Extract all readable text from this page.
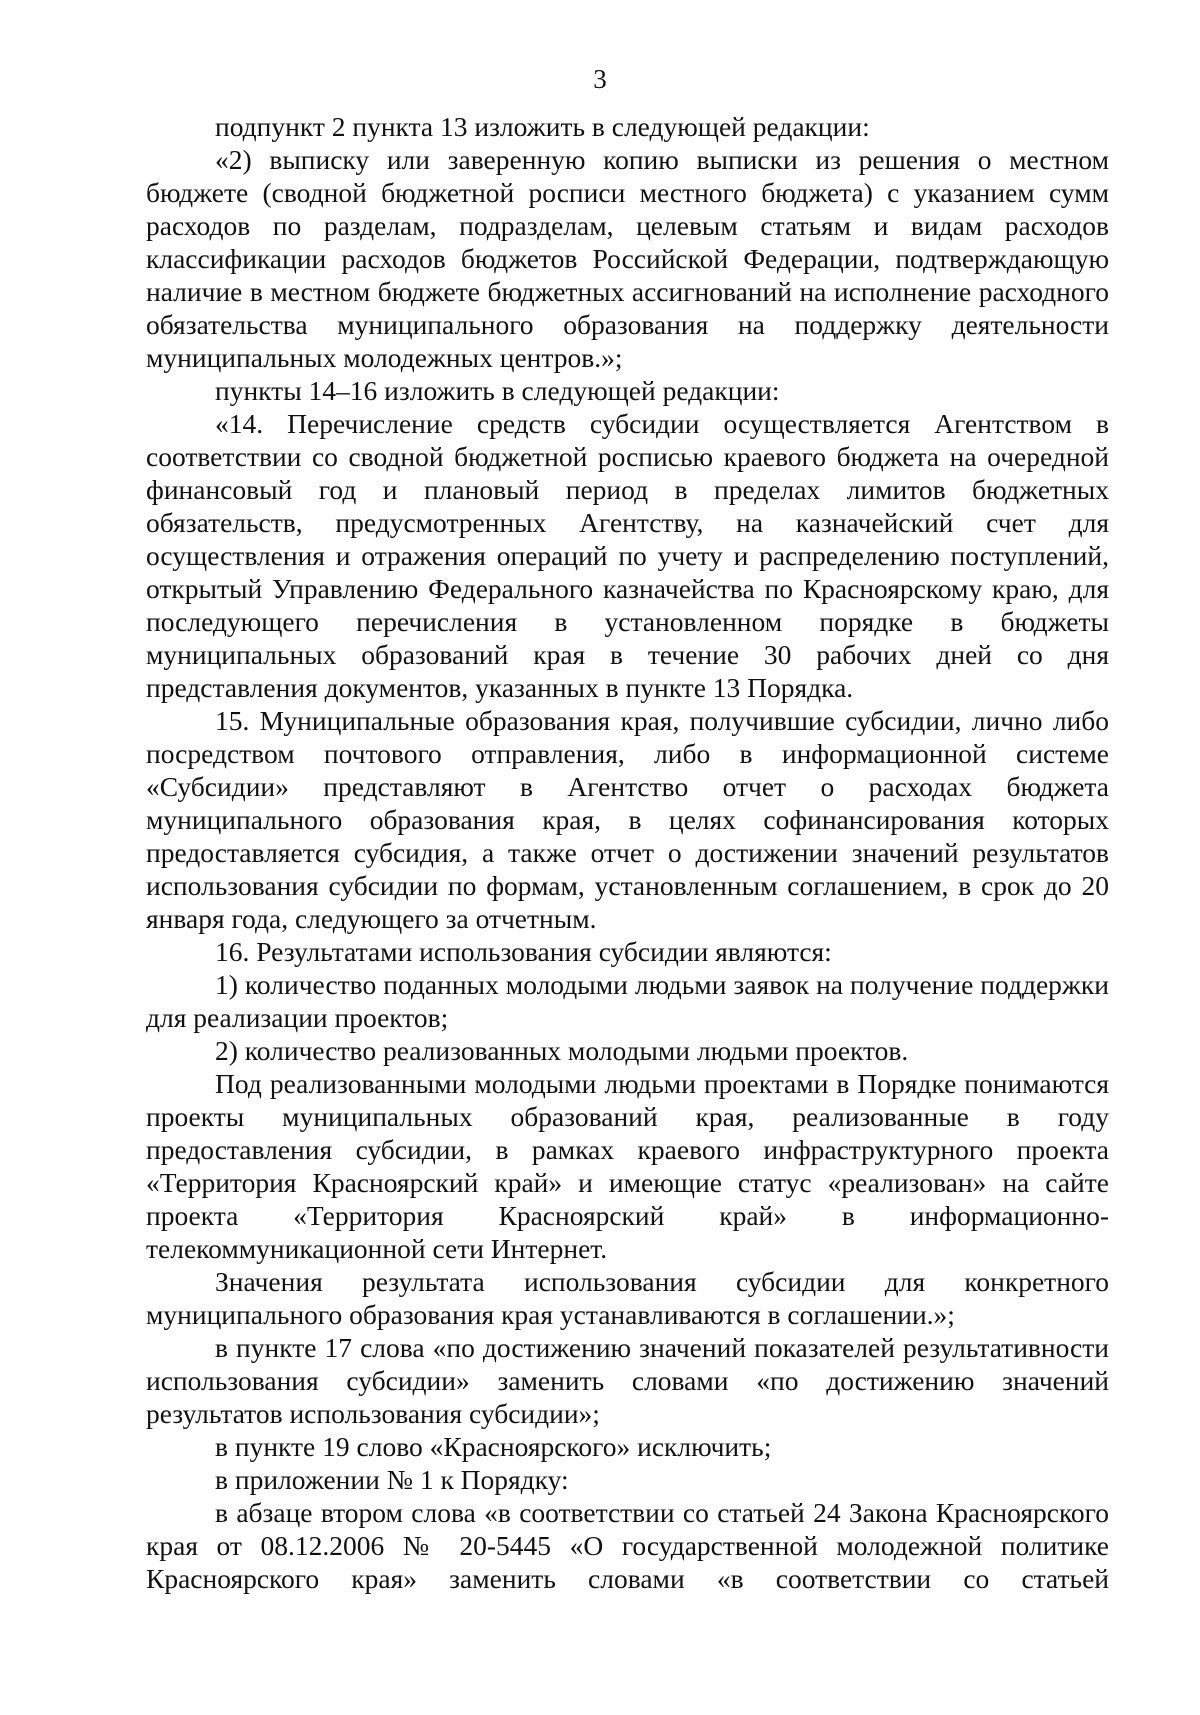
3

подпункт 2 пункта 13 изложить в следующей редакции:

«2) выписку или заверенную копию выписки из решения о местном бюджете (сводной бюджетной росписи местного бюджета) с указанием сумм расходов по разделам, подразделам, целевым статьям и видам расходов классификации расходов бюджетов Российской Федерации, подтверждающую наличие в местном бюджете бюджетных ассигнований на исполнение расходного обязательства муниципального образования на поддержку деятельности муниципальных молодежных центров.»;

пункты 14–16 изложить в следующей редакции:

«14. Перечисление средств субсидии осуществляется Агентством в соответствии со сводной бюджетной росписью краевого бюджета на очередной финансовый год и плановый период в пределах лимитов бюджетных обязательств, предусмотренных Агентству, на казначейский счет для осуществления и отражения операций по учету и распределению поступлений, открытый Управлению Федерального казначейства по Красноярскому краю, для последующего перечисления в установленном порядке в бюджеты муниципальных образований края в течение 30 рабочих дней со дня представления документов, указанных в пункте 13 Порядка.

15. Муниципальные образования края, получившие субсидии, лично либо посредством почтового отправления, либо в информационной системе «Субсидии» представляют в Агентство отчет о расходах бюджета муниципального образования края, в целях софинансирования которых предоставляется субсидия, а также отчет о достижении значений результатов использования субсидии по формам, установленным соглашением, в срок до 20 января года, следующего за отчетным.

16. Результатами использования субсидии являются:

1) количество поданных молодыми людьми заявок на получение поддержки для реализации проектов;

2) количество реализованных молодыми людьми проектов.

Под реализованными молодыми людьми проектами в Порядке понимаются проекты муниципальных образований края, реализованные в году предоставления субсидии, в рамках краевого инфраструктурного проекта «Территория Красноярский край» и имеющие статус «реализован» на сайте проекта «Территория Красноярский край» в информационно-телекоммуникационной сети Интернет.

Значения результата использования субсидии для конкретного муниципального образования края устанавливаются в соглашении.»;

в пункте 17 слова «по достижению значений показателей результативности использования субсидии» заменить словами «по достижению значений результатов использования субсидии»;

в пункте 19 слово «Красноярского» исключить;

в приложении № 1 к Порядку:

в абзаце втором слова «в соответствии со статьей 24 Закона Красноярского края от 08.12.2006 № 20-5445 «О государственной молодежной политике Красноярского края» заменить словами «в соответствии со статьей
